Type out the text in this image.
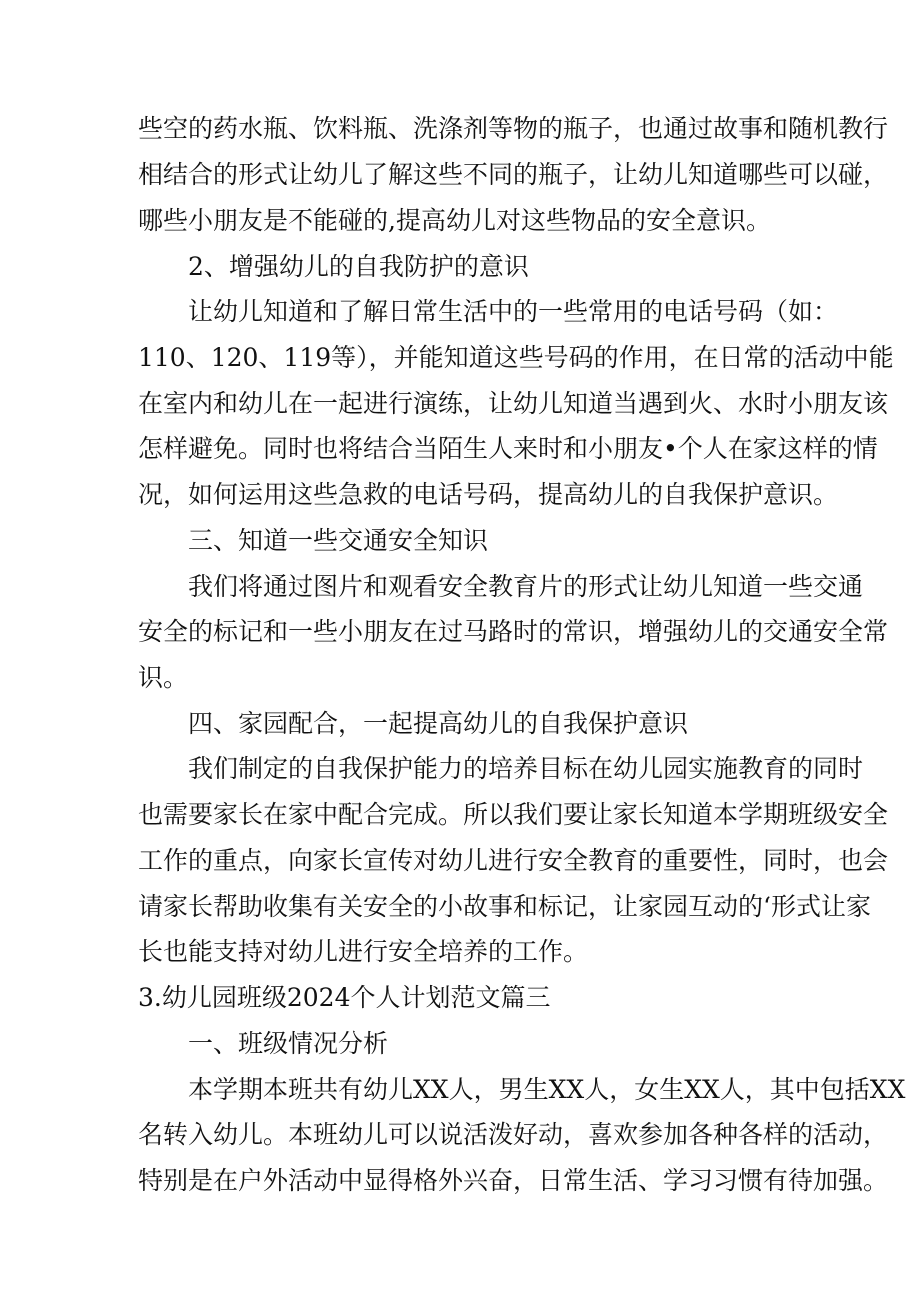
些空的药水瓶、饮料瓶、洗涤剂等物的瓶子，也通过故事和随机教行
相结合的形式让幼儿了解这些不同的瓶子，让幼儿知道哪些可以碰，
哪些小朋友是不能碰的,提高幼儿对这些物品的安全意识。
2、增强幼儿的自我防护的意识
让幼儿知道和了解日常生活中的一些常用的电话号码（如：
110、120、119等），并能知道这些号码的作用，在日常的活动中能
在室内和幼儿在一起进行演练，让幼儿知道当遇到火、水时小朋友该
怎样避免。同时也将结合当陌生人来时和小朋友•个人在家这样的情
况，如何运用这些急救的电话号码，提高幼儿的自我保护意识。
三、知道一些交通安全知识
我们将通过图片和观看安全教育片的形式让幼儿知道一些交通
安全的标记和一些小朋友在过马路时的常识，增强幼儿的交通安全常
识。
四、家园配合，一起提高幼儿的自我保护意识
我们制定的自我保护能力的培养目标在幼儿园实施教育的同时
也需要家长在家中配合完成。所以我们要让家长知道本学期班级安全
工作的重点，向家长宣传对幼儿进行安全教育的重要性，同时，也会
请家长帮助收集有关安全的小故事和标记，让家园互动的‘形式让家
长也能支持对幼儿进行安全培养的工作。
3.幼儿园班级2024个人计划范文篇三
一、班级情况分析
本学期本班共有幼儿XX人，男生XX人，女生XX人，其中包括XX
名转入幼儿。本班幼儿可以说活泼好动，喜欢参加各种各样的活动，
特别是在户外活动中显得格外兴奋，日常生活、学习习惯有待加强。
